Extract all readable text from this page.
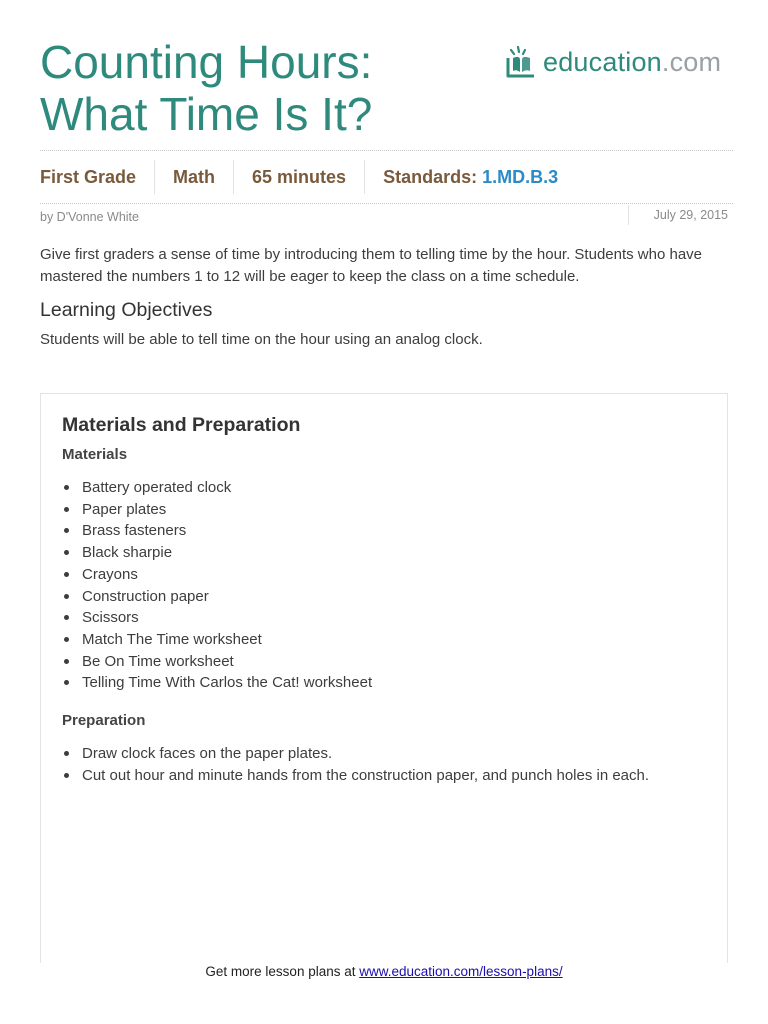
Counting Hours:
What Time Is It?
education.com
First Grade	Math	65 minutes	Standards: 1.MD.B.3
by D'Vonne White	July 29, 2015

Give first graders a sense of time by introducing them to telling time by the hour. Students who have mastered the numbers 1 to 12 will be eager to keep the class on a time schedule.

Learning Objectives

Students will be able to tell time on the hour using an analog clock.

Materials and Preparation
Materials
Battery operated clock
Paper plates
Brass fasteners
Black sharpie
Crayons
Construction paper
Scissors
Match The Time worksheet
Be On Time worksheet
Telling Time With Carlos the Cat! worksheet
Preparation
Draw clock faces on the paper plates.
Cut out hour and minute hands from the construction paper, and punch holes in each.
Get more lesson plans at www.education.com/lesson-plans/
